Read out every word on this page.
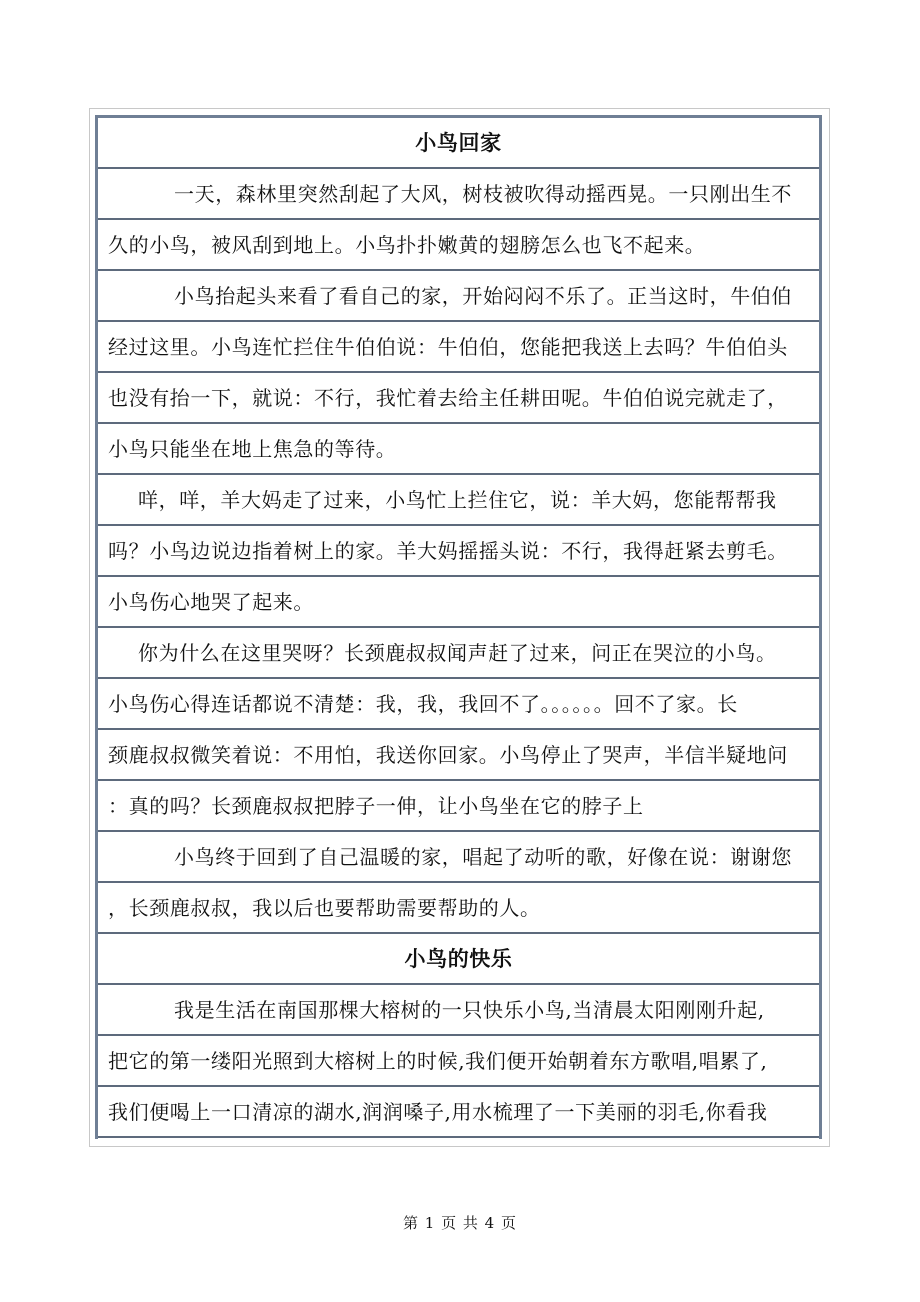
小鸟回家
一天，森林里突然刮起了大风，树枝被吹得动摇西晃。一只刚出生不
久的小鸟，被风刮到地上。小鸟扑扑嫩黄的翅膀怎么也飞不起来。
小鸟抬起头来看了看自己的家，开始闷闷不乐了。正当这时，牛伯伯
经过这里。小鸟连忙拦住牛伯伯说：牛伯伯，您能把我送上去吗？牛伯伯头
也没有抬一下，就说：不行，我忙着去给主任耕田呢。牛伯伯说完就走了，
小鸟只能坐在地上焦急的等待。
咩，咩，羊大妈走了过来，小鸟忙上拦住它，说：羊大妈，您能帮帮我
吗？小鸟边说边指着树上的家。羊大妈摇摇头说：不行，我得赶紧去剪毛。
小鸟伤心地哭了起来。
你为什么在这里哭呀？长颈鹿叔叔闻声赶了过来，问正在哭泣的小鸟。
小鸟伤心得连话都说不清楚：我，我，我回不了。。。。。。回不了家。长
颈鹿叔叔微笑着说：不用怕，我送你回家。小鸟停止了哭声，半信半疑地问
：真的吗？长颈鹿叔叔把脖子一伸，让小鸟坐在它的脖子上
小鸟终于回到了自己温暖的家，唱起了动听的歌，好像在说：谢谢您
，长颈鹿叔叔，我以后也要帮助需要帮助的人。
小鸟的快乐
我是生活在南国那棵大榕树的一只快乐小鸟,当清晨太阳刚刚升起,
把它的第一缕阳光照到大榕树上的时候,我们便开始朝着东方歌唱,唱累了,
我们便喝上一口清凉的湖水,润润嗓子,用水梳理了一下美丽的羽毛,你看我
第 1 页 共 4 页
